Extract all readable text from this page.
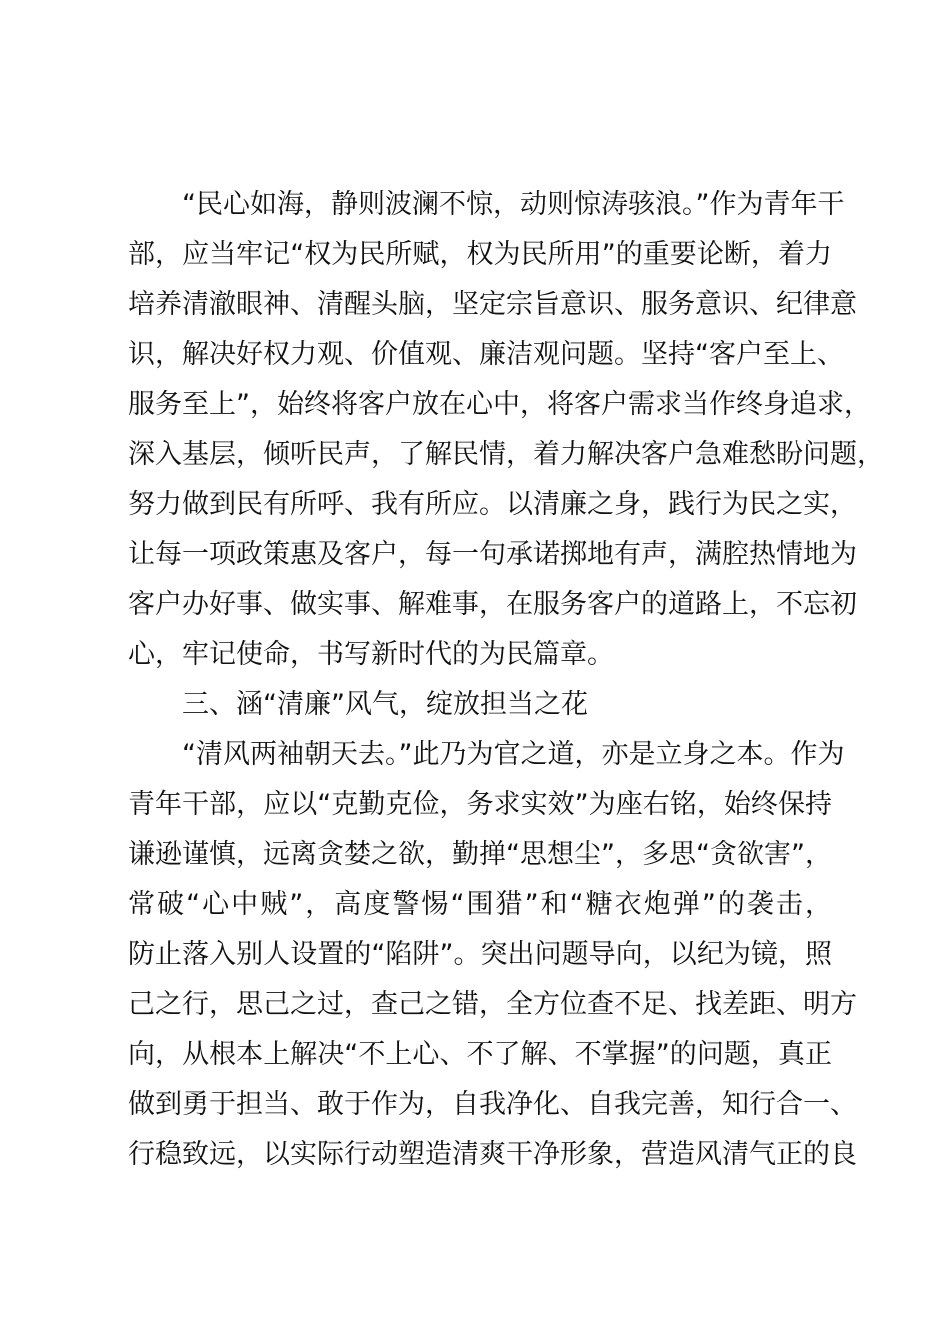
“民心如海，静则波澜不惊，动则惊涛骇浪。”作为青年干
部，应当牢记“权为民所赋，权为民所用”的重要论断，着力
培养清澈眼神、清醒头脑，坚定宗旨意识、服务意识、纪律意
识，解决好权力观、价值观、廉洁观问题。坚持“客户至上、
服务至上”，始终将客户放在心中，将客户需求当作终身追求，
深入基层，倾听民声，了解民情，着力解决客户急难愁盼问题，
努力做到民有所呼、我有所应。以清廉之身，践行为民之实，
让每一项政策惠及客户，每一句承诺掷地有声，满腔热情地为
客户办好事、做实事、解难事，在服务客户的道路上，不忘初
心，牢记使命，书写新时代的为民篇章。
三、涵“清廉”风气，绽放担当之花
“清风两袖朝天去。”此乃为官之道，亦是立身之本。作为
青年干部，应以“克勤克俭，务求实效”为座右铭，始终保持
谦逊谨慎，远离贪婪之欲，勤掸“思想尘”，多思“贪欲害”，
常破“心中贼”，高度警惕“围猎”和“糖衣炮弹”的袭击，
防止落入别人设置的“陷阱”。突出问题导向，以纪为镜，照
己之行，思己之过，查己之错，全方位查不足、找差距、明方
向，从根本上解决“不上心、不了解、不掌握”的问题，真正
做到勇于担当、敢于作为，自我净化、自我完善，知行合一、
行稳致远，以实际行动塑造清爽干净形象，营造风清气正的良
